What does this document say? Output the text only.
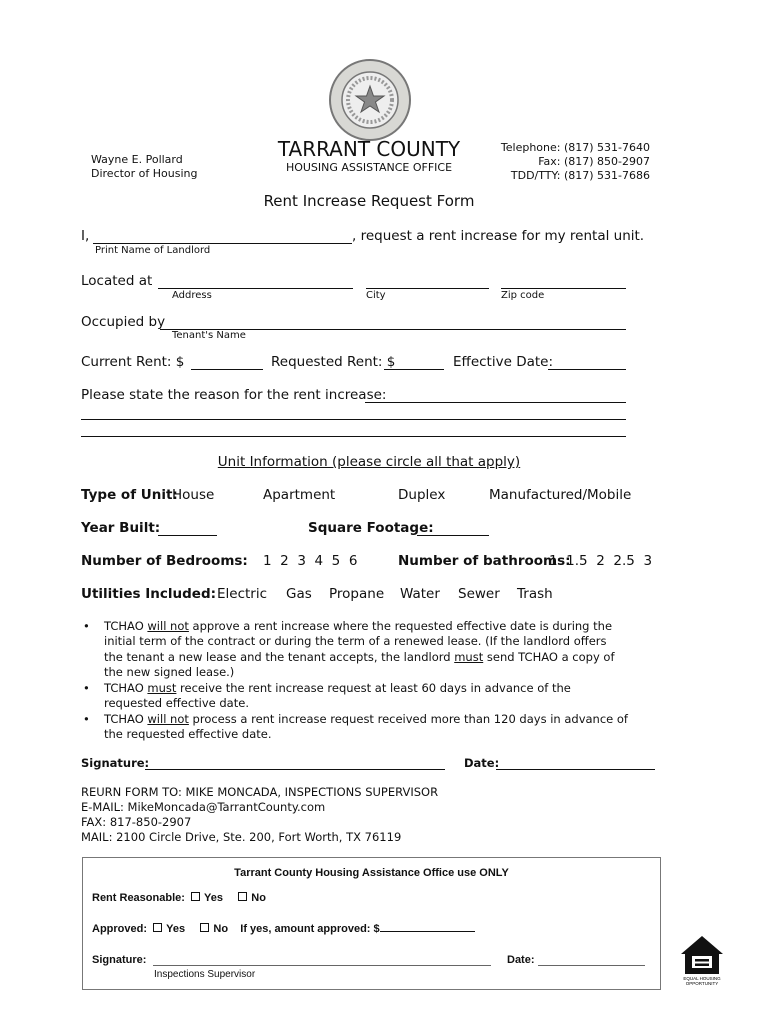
TARRANT COUNTY
HOUSING ASSISTANCE OFFICE
Wayne E. Pollard
Director of Housing
Telephone: (817) 531-7640
Fax: (817) 850-2907
TDD/TTY: (817) 531-7686
Rent Increase Request Form
I,	, request a rent increase for my rental unit.
Print Name of Landlord
Located at
Address	City	Zip code
Occupied by
Tenant's Name
Current Rent: $	Requested Rent: $	Effective Date:
Please state the reason for the rent increase:
Unit Information (please circle all that apply)
Type of Unit:
House	Apartment	Duplex	Manufactured/Mobile
Year Built:	Square Footage:
Number of Bedrooms: 1  2  3  4  5  6	Number of bathrooms:
1  1.5  2  2.5  3
Utilities Included: Electric Gas Propane Water Sewer Trash
• TCHAO will not approve a rent increase where the requested effective date is during the initial term of the contract or during the term of a renewed lease. (If the landlord offers the tenant a new lease and the tenant accepts, the landlord must send TCHAO a copy of the new signed lease.)
• TCHAO must receive the rent increase request at least 60 days in advance of the requested effective date.
• TCHAO will not process a rent increase request received more than 120 days in advance of the requested effective date.
Signature:	Date:
REURN FORM TO: MIKE MONCADA, INSPECTIONS SUPERVISOR
E-MAIL: MikeMoncada@TarrantCounty.com
FAX: 817-850-2907
MAIL: 2100 Circle Drive, Ste. 200, Fort Worth, TX 76119
Tarrant County Housing Assistance Office use ONLY
Rent Reasonable: Yes	No
Approved: Yes	No If yes, amount approved: $
Signature:	Date:
Inspections Supervisor	EQUAL HOUSING
OPPORTUNITY
